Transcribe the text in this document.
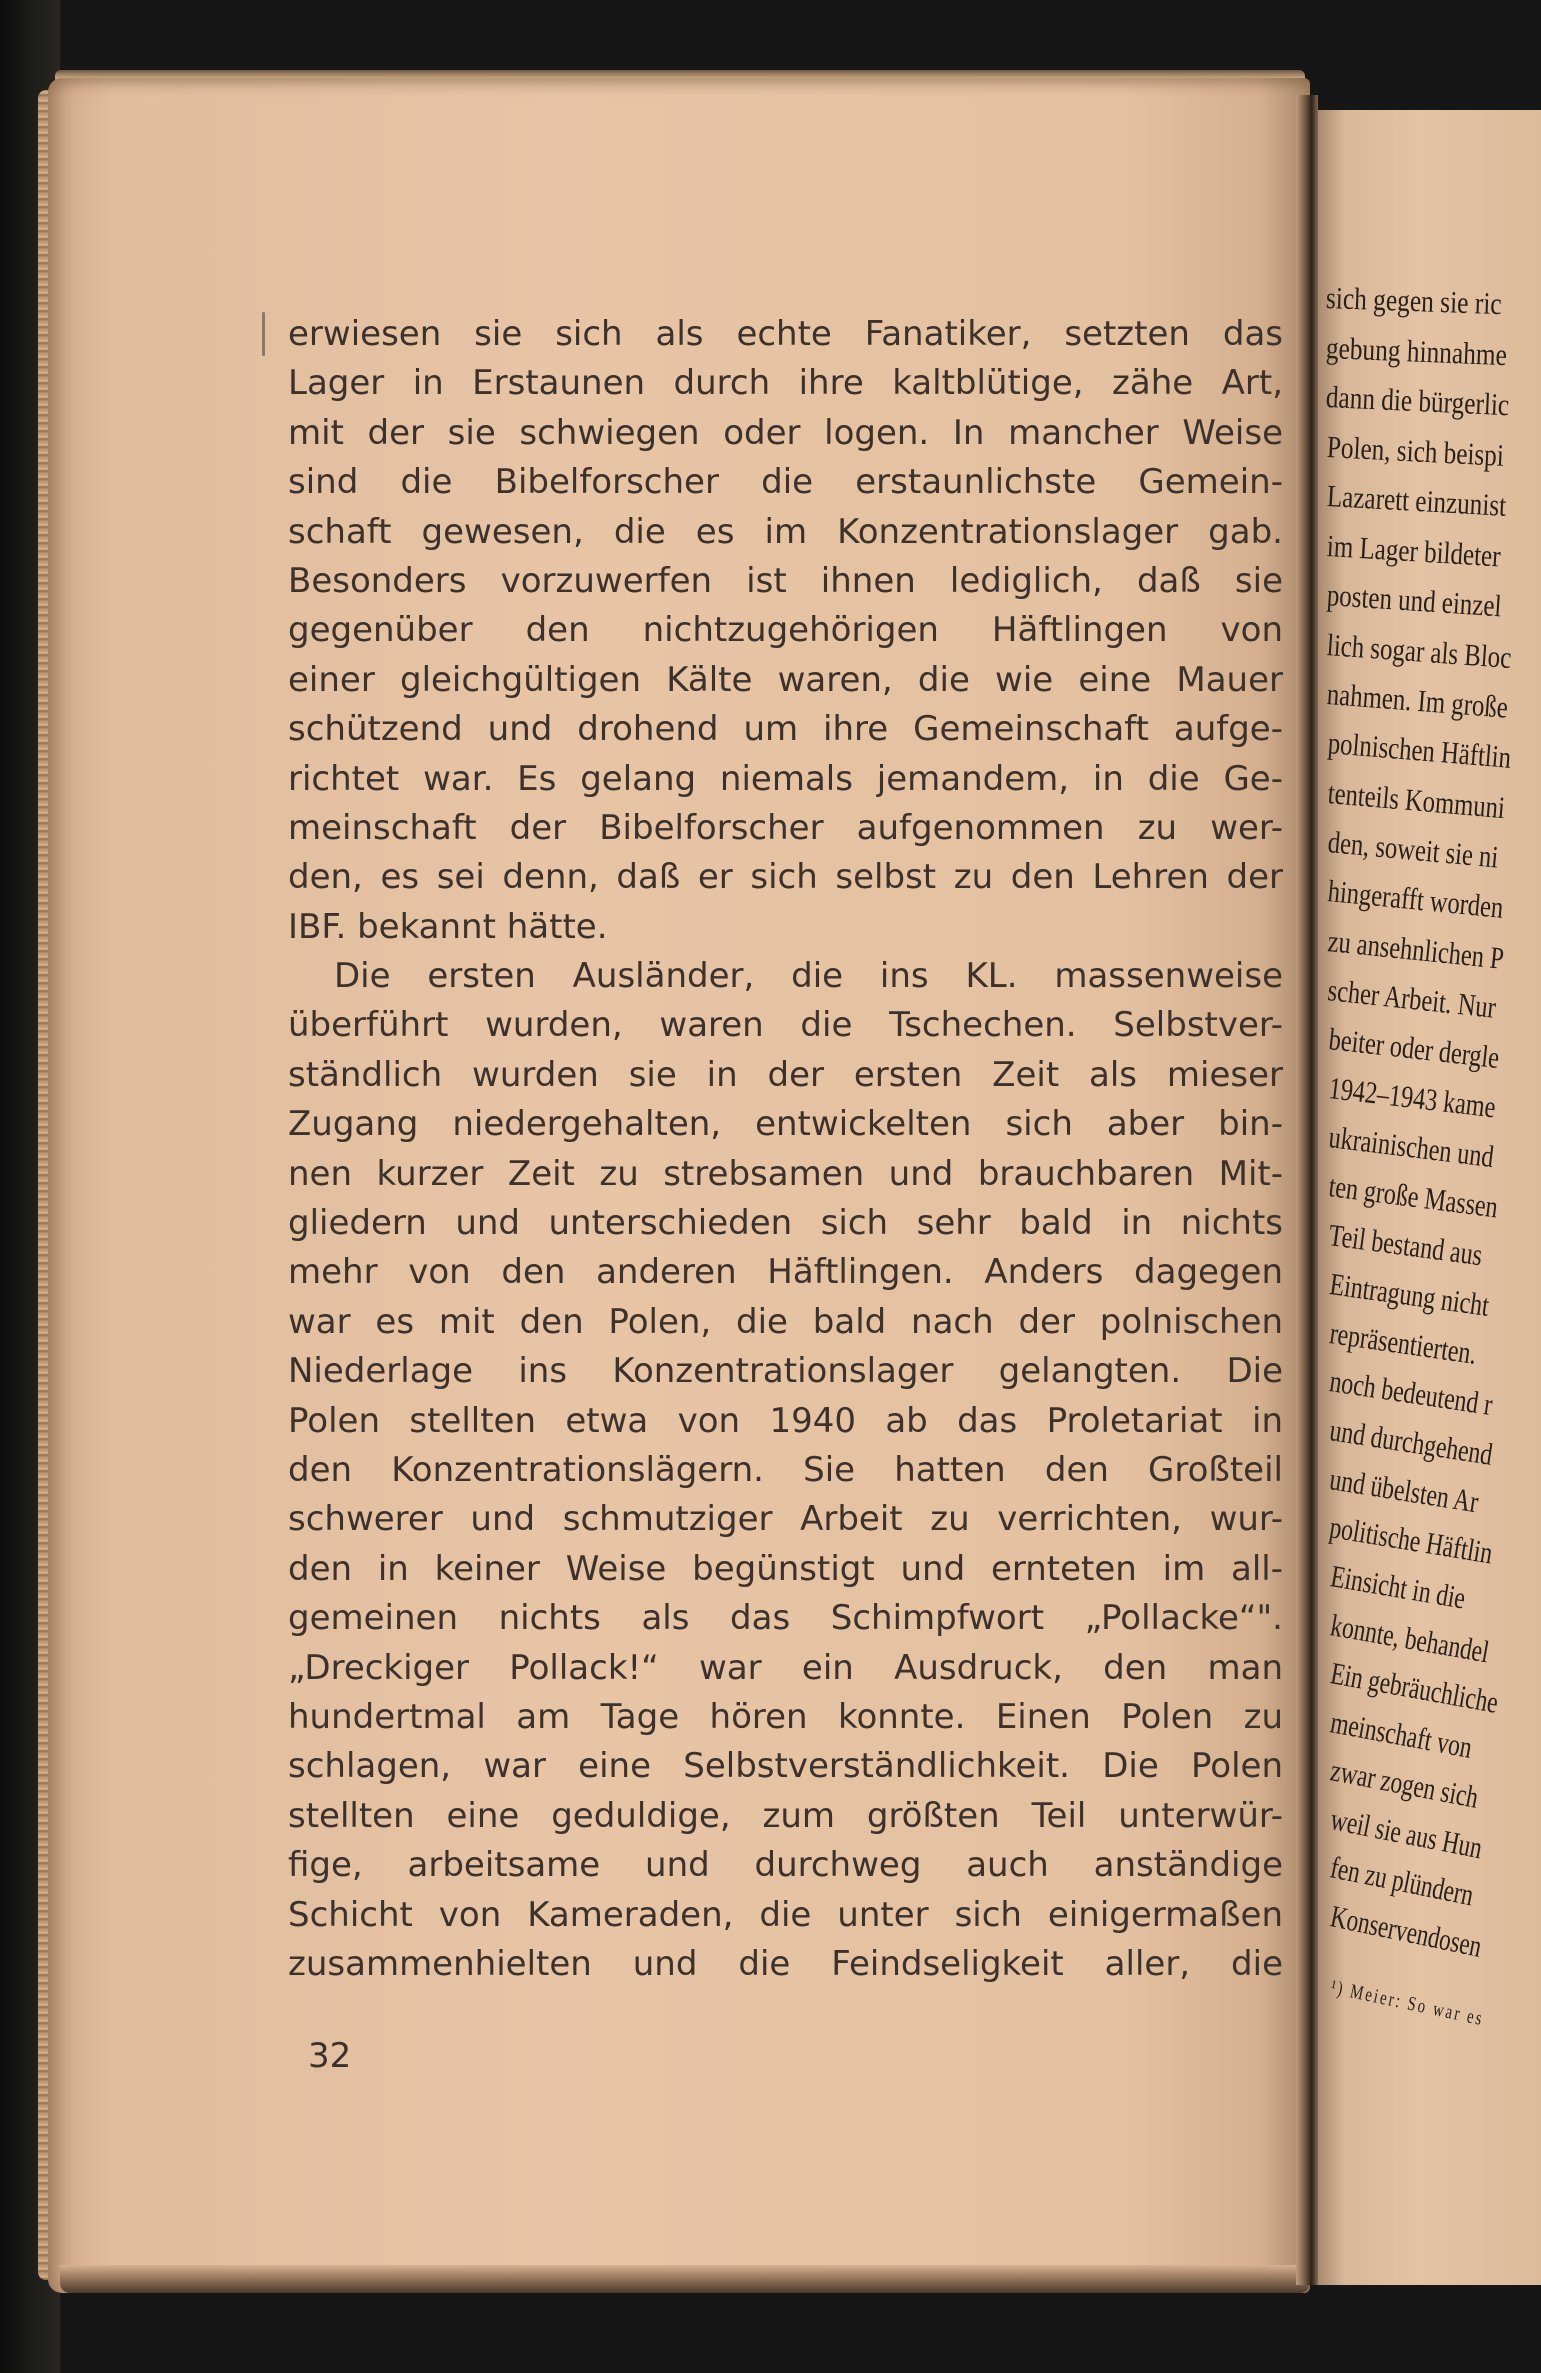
erwiesen sie sich als echte Fanatiker, setzten das
Lager in Erstaunen durch ihre kaltblütige, zähe Art,
mit der sie schwiegen oder logen. In mancher Weise
sind die Bibelforscher die erstaunlichste Gemein-
schaft gewesen, die es im Konzentrationslager gab.
Besonders vorzuwerfen ist ihnen lediglich, daß sie
gegenüber den nichtzugehörigen Häftlingen von
einer gleichgültigen Kälte waren, die wie eine Mauer
schützend und drohend um ihre Gemeinschaft aufge-
richtet war. Es gelang niemals jemandem, in die Ge-
meinschaft der Bibelforscher aufgenommen zu wer-
den, es sei denn, daß er sich selbst zu den Lehren der
IBF. bekannt hätte.
Die ersten Ausländer, die ins KL. massenweise
überführt wurden, waren die Tschechen. Selbstver-
ständlich wurden sie in der ersten Zeit als mieser
Zugang niedergehalten, entwickelten sich aber bin-
nen kurzer Zeit zu strebsamen und brauchbaren Mit-
gliedern und unterschieden sich sehr bald in nichts
mehr von den anderen Häftlingen. Anders dagegen
war es mit den Polen, die bald nach der polnischen
Niederlage ins Konzentrationslager gelangten. Die
Polen stellten etwa von 1940 ab das Proletariat in
den Konzentrationslägern. Sie hatten den Großteil
schwerer und schmutziger Arbeit zu verrichten, wur-
den in keiner Weise begünstigt und ernteten im all-
gemeinen nichts als das Schimpfwort „Pollacke“".
„Dreckiger Pollack!“ war ein Ausdruck, den man
hundertmal am Tage hören konnte. Einen Polen zu
schlagen, war eine Selbstverständlichkeit. Die Polen
stellten eine geduldige, zum größten Teil unterwür-
fige, arbeitsame und durchweg auch anständige
Schicht von Kameraden, die unter sich einigermaßen
zusammenhielten und die Feindseligkeit aller, die
32
sich gegen sie ric
gebung hinnahme
dann die bürgerlic
Polen, sich beispi
Lazarett einzunist
im Lager bildeter
posten und einzel
lich sogar als Bloc
nahmen. Im große
polnischen Häftlin
tenteils Kommuni
den, soweit sie ni
hingerafft worden
zu ansehnlichen P
scher Arbeit. Nur
beiter oder dergle
1942–1943 kame
ukrainischen und
ten große Massen
Teil bestand aus
Eintragung nicht
repräsentierten.
noch bedeutend r
und durchgehend
und übelsten Ar
politische Häftlin
Einsicht in die
konnte, behandel
Ein gebräuchliche
meinschaft von
zwar zogen sich
weil sie aus Hun
fen zu plündern
Konservendosen
¹) Meier: So war es
